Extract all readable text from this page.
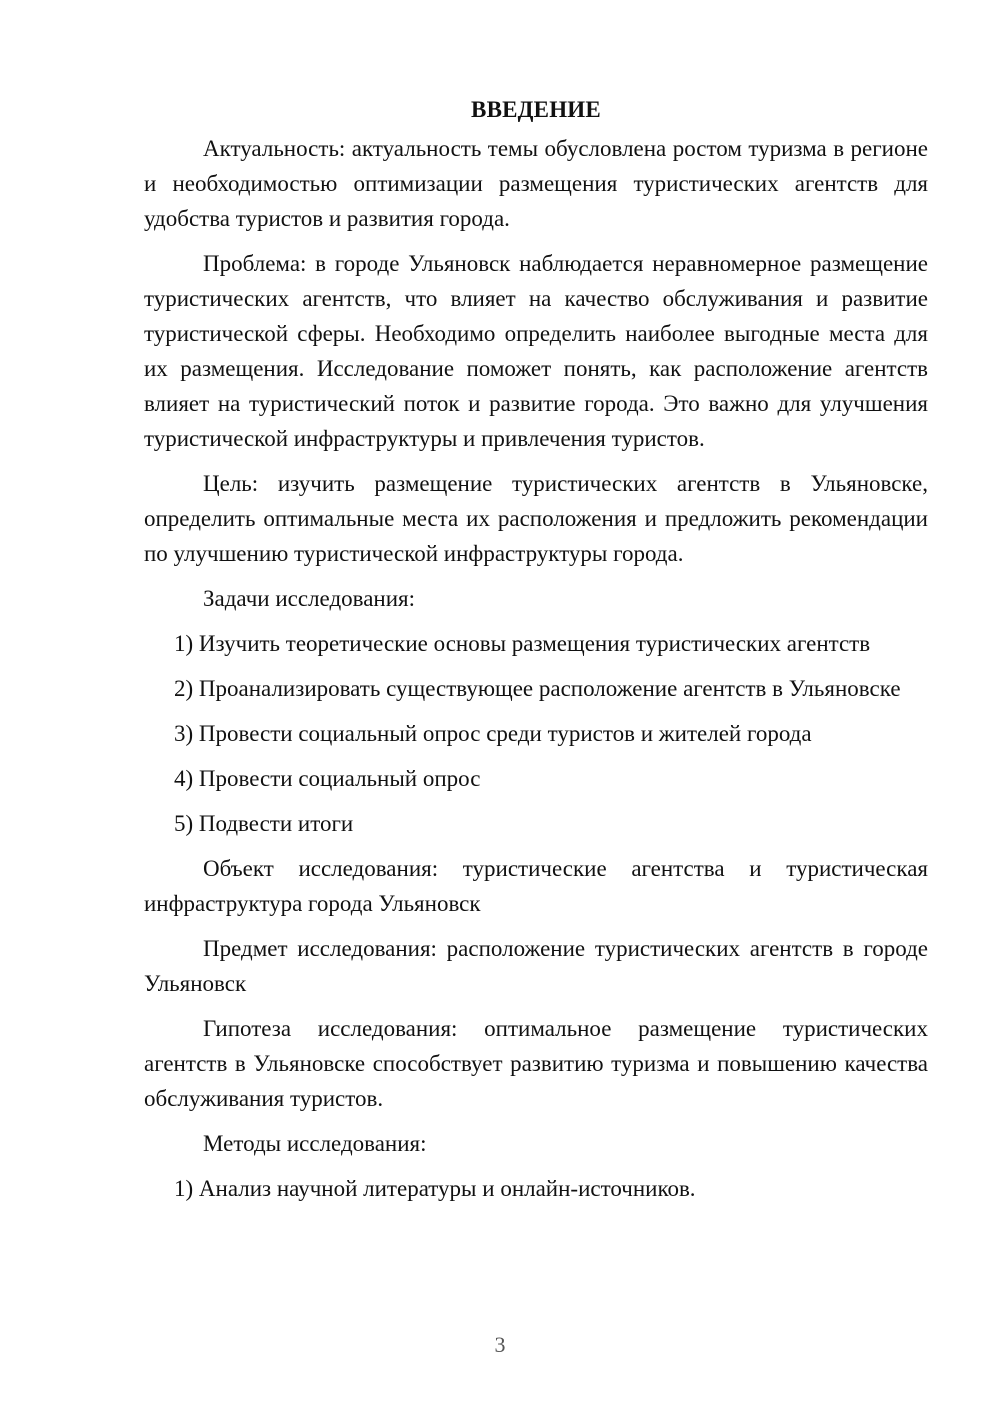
ВВЕДЕНИЕ

Актуальность: актуальность темы обусловлена ростом туризма в регионе и необходимостью оптимизации размещения туристических агентств для удобства туристов и развития города.

Проблема: в городе Ульяновск наблюдается неравномерное размещение туристических агентств, что влияет на качество обслуживания и развитие туристической сферы. Необходимо определить наиболее выгодные места для их размещения. Исследование поможет понять, как расположение агентств влияет на туристический поток и развитие города. Это важно для улучшения туристической инфраструктуры и привлечения туристов.

Цель: изучить размещение туристических агентств в Ульяновске, определить оптимальные места их расположения и предложить рекомендации по улучшению туристической инфраструктуры города.

Задачи исследования:

1) Изучить теоретические основы размещения туристических агентств

2) Проанализировать существующее расположение агентств в Ульяновске

3) Провести социальный опрос среди туристов и жителей города

4) Провести социальный опрос

5) Подвести итоги

Объект исследования: туристические агентства и туристическая инфраструктура города Ульяновск

Предмет исследования: расположение туристических агентств в городе Ульяновск

Гипотеза исследования: оптимальное размещение туристических агентств в Ульяновске способствует развитию туризма и повышению качества обслуживания туристов.

Методы исследования:

1) Анализ научной литературы и онлайн-источников.

3
